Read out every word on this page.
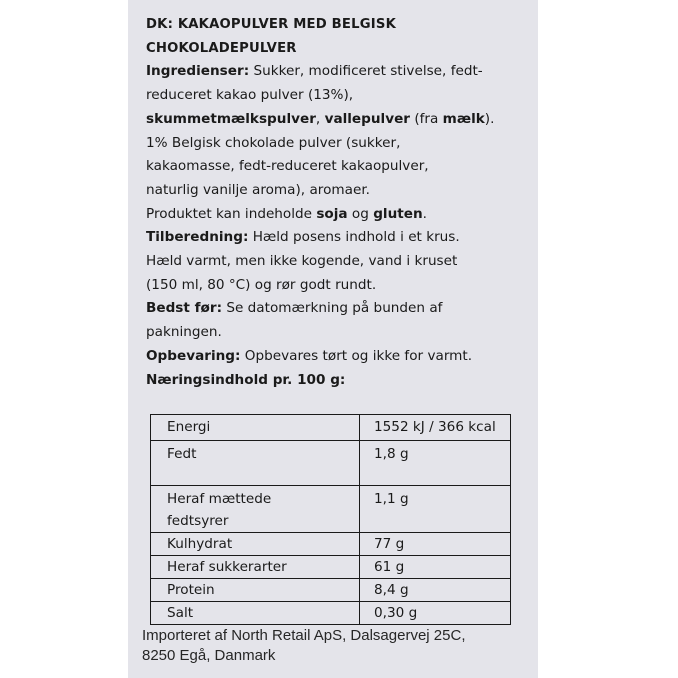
DK: KAKAOPULVER MED BELGISK
CHOKOLADEPULVER
Ingredienser: Sukker, modificeret stivelse, fedt-
reduceret kakao pulver (13%),
skummetmælkspulver, vallepulver (fra mælk).
1% Belgisk chokolade pulver (sukker,
kakaomasse, fedt-reduceret kakaopulver,
naturlig vanilje aroma), aromaer.
Produktet kan indeholde soja og gluten.
Tilberedning: Hæld posens indhold i et krus.
Hæld varmt, men ikke kogende, vand i kruset
(150 ml, 80 °C) og rør godt rundt.
Bedst før: Se datomærkning på bunden af
pakningen.
Opbevaring: Opbevares tørt og ikke for varmt.
Næringsindhold pr. 100 g:
Energi	1552 kJ / 366 kcal
Fedt	1,8 g

Heraf mættede
fedtsyrer	1,1 g
Kulhydrat	77 g
Heraf sukkerarter	61 g
Protein	8,4 g
Salt	0,30 g
Importeret af North Retail ApS, Dalsagervej 25C,
8250 Egå, Danmark
